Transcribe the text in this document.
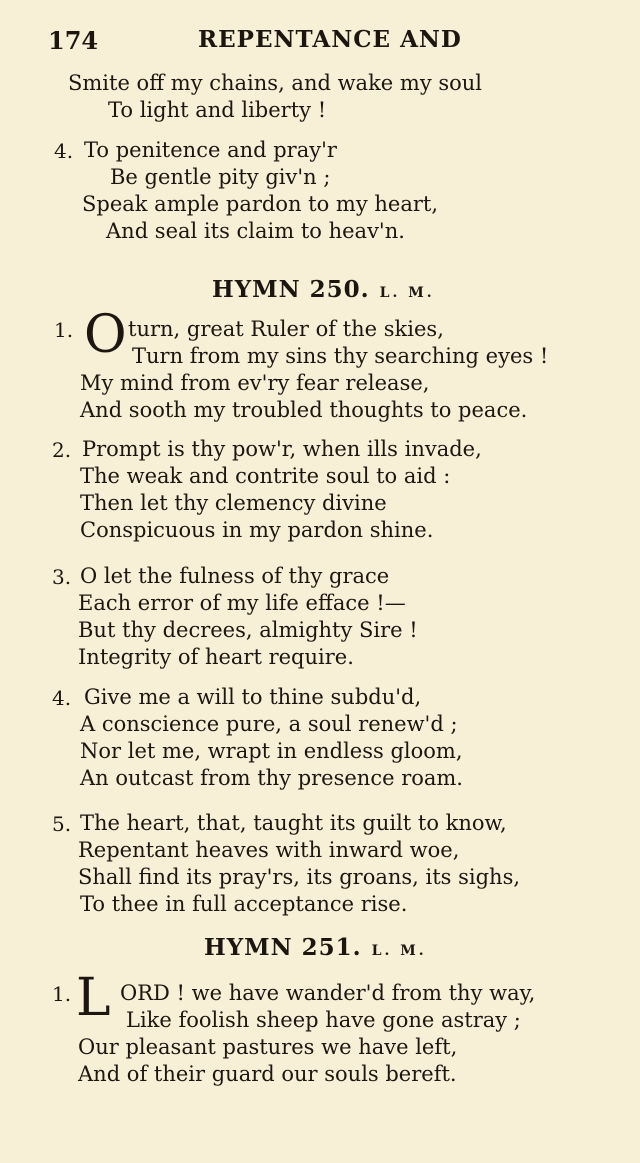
174	REPENTANCE AND
Smite off my chains, and wake my soul
To light and liberty !
4. To penitence and pray'r
Be gentle pity giv'n ;
Speak ample pardon to my heart,
And seal its claim to heav'n.
HYMN 250. L. M.
1. O turn, great Ruler of the skies,
Turn from my sins thy searching eyes !
My mind from ev'ry fear release,
And sooth my troubled thoughts to peace.
2. Prompt is thy pow'r, when ills invade,
The weak and contrite soul to aid :
Then let thy clemency divine
Conspicuous in my pardon shine.
3. O let the fulness of thy grace
Each error of my life efface !—
But thy decrees, almighty Sire !
Integrity of heart require.
4. Give me a will to thine subdu'd,
A conscience pure, a soul renew'd ;
Nor let me, wrapt in endless gloom,
An outcast from thy presence roam.
5. The heart, that, taught its guilt to know,
Repentant heaves with inward woe,
Shall find its pray'rs, its groans, its sighs,
To thee in full acceptance rise.
HYMN 251. L. M.
1. L ORD ! we have wander'd from thy way,
Like foolish sheep have gone astray ;
Our pleasant pastures we have left,
And of their guard our souls bereft.
